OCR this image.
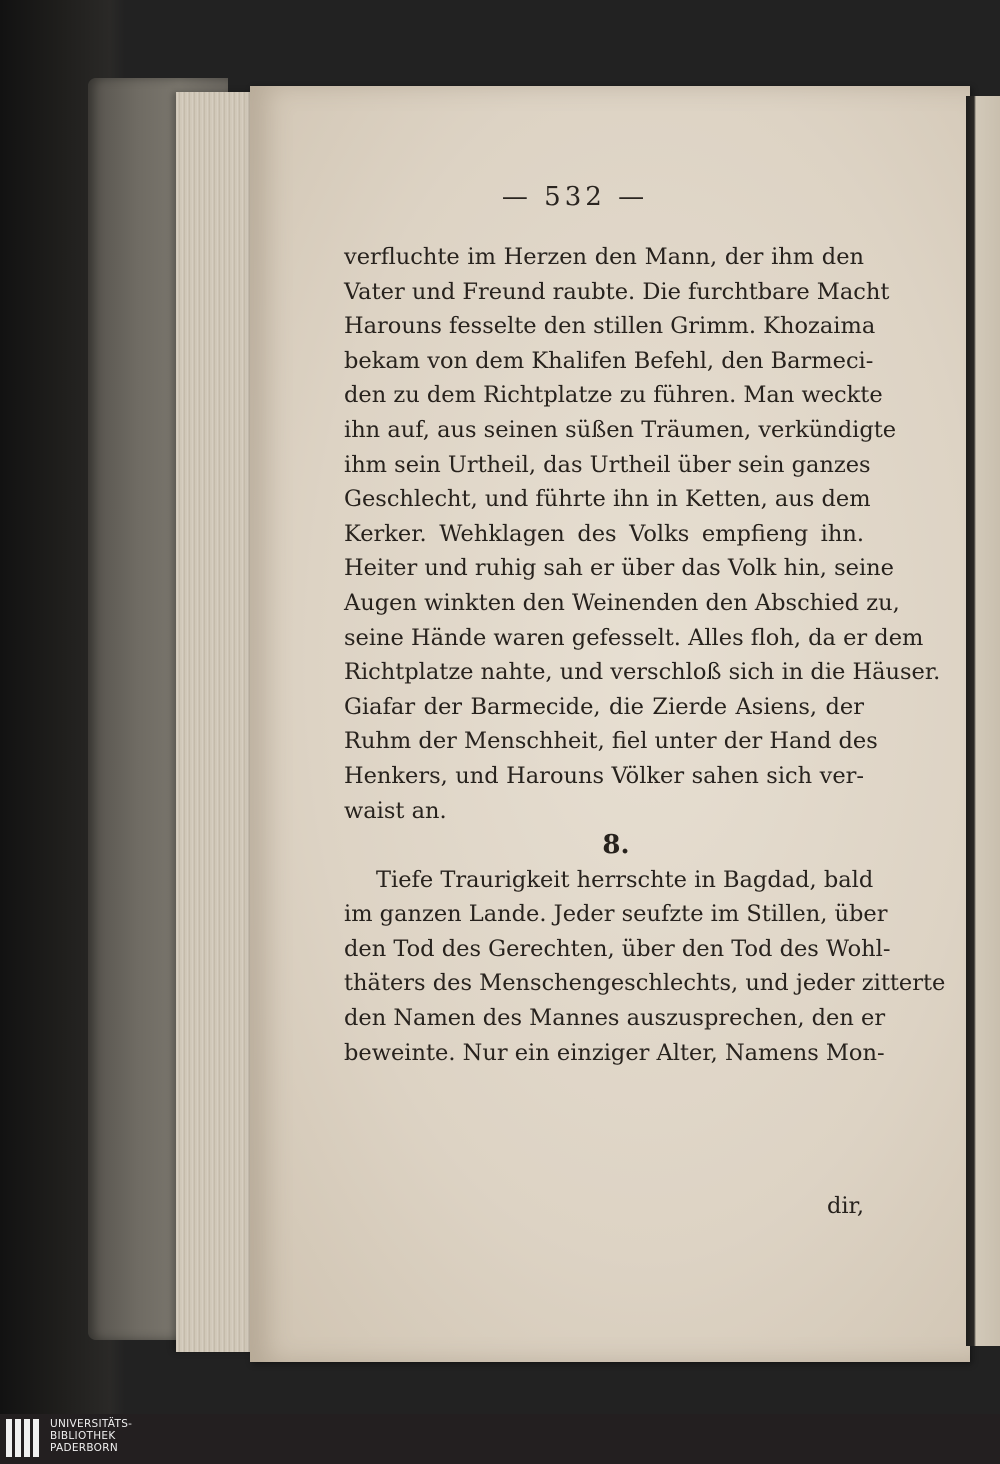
— 532 —
verfluchte im Herzen den Mann, der ihm den
Vater und Freund raubte. Die furchtbare Macht
Harouns fesselte den stillen Grimm. Khozaima
bekam von dem Khalifen Befehl, den Barmeci-
den zu dem Richtplatze zu führen. Man weckte
ihn auf, aus seinen süßen Träumen, verkündigte
ihm sein Urtheil, das Urtheil über sein ganzes
Geschlecht, und führte ihn in Ketten, aus dem
Kerker. Wehklagen des Volks empfieng ihn.
Heiter und ruhig sah er über das Volk hin, seine
Augen winkten den Weinenden den Abschied zu,
seine Hände waren gefesselt. Alles floh, da er dem
Richtplatze nahte, und verschloß sich in die Häuser.
Giafar der Barmecide, die Zierde Asiens, der
Ruhm der Menschheit, fiel unter der Hand des
Henkers, und Harouns Völker sahen sich ver-
waist an.
8.
Tiefe Traurigkeit herrschte in Bagdad, bald
im ganzen Lande. Jeder seufzte im Stillen, über
den Tod des Gerechten, über den Tod des Wohl-
thäters des Menschengeschlechts, und jeder zitterte
den Namen des Mannes auszusprechen, den er
beweinte. Nur ein einziger Alter, Namens Mon-
dir,
UNIVERSITÄTS-
BIBLIOTHEK
PADERBORN
